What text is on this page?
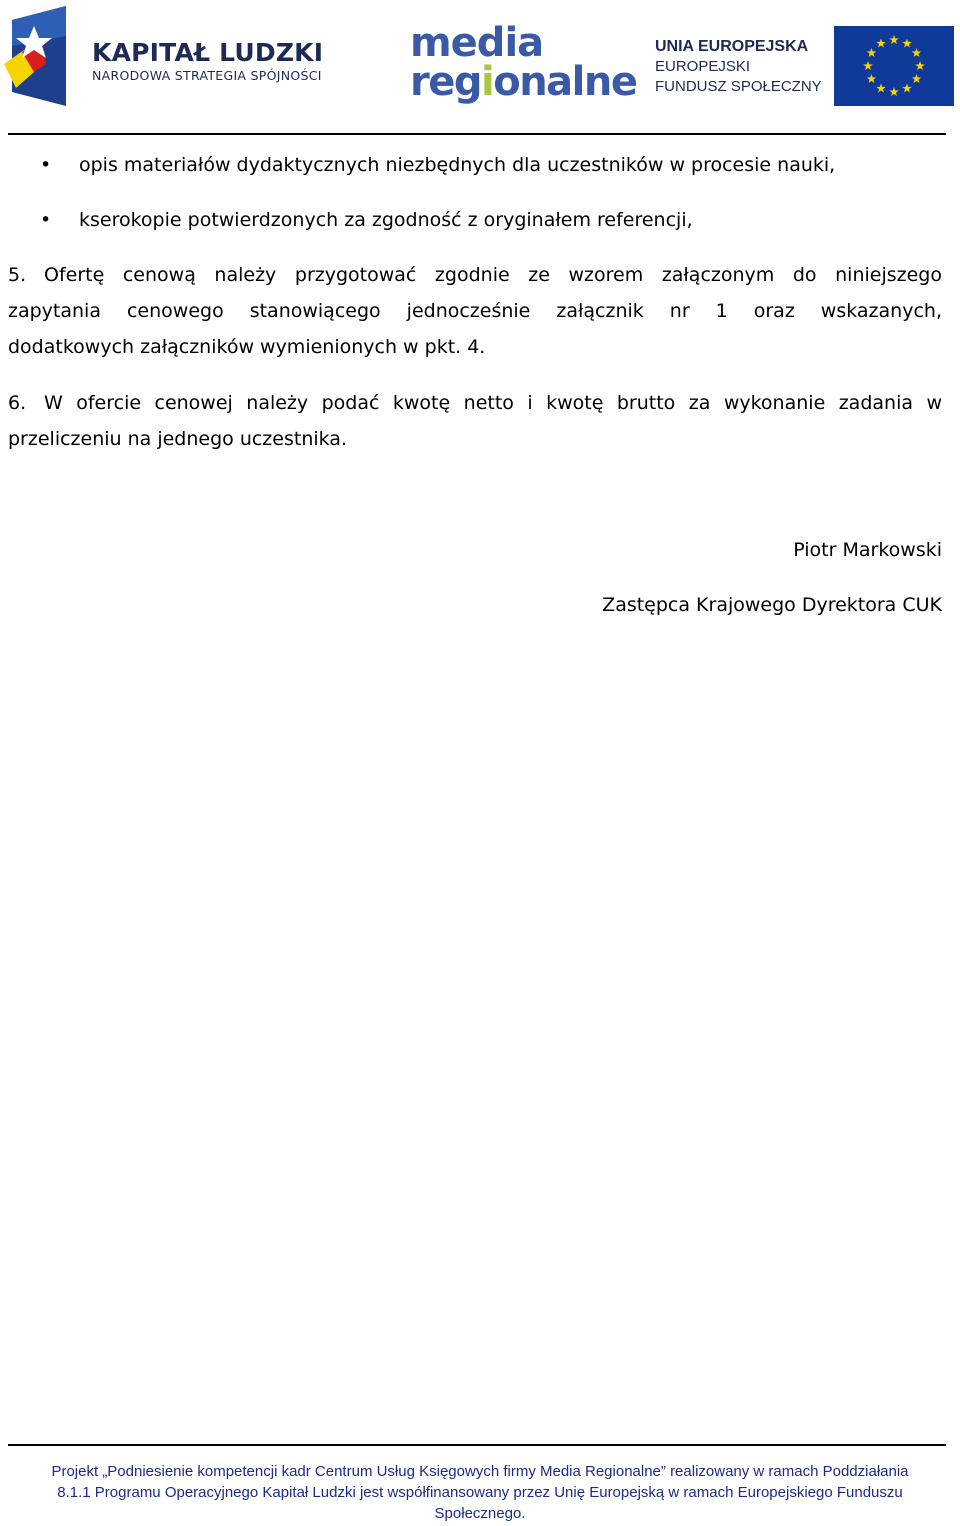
KAPITAŁ LUDZKI
NARODOWA STRATEGIA SPÓJNOŚCI
media
regionalne
UNIA EUROPEJSKA
EUROPEJSKI
FUNDUSZ SPOŁECZNY
•	opis materiałów dydaktycznych niezbędnych dla uczestników w procesie nauki,
•	kserokopie potwierdzonych za zgodność z oryginałem referencji,
5. Ofertę cenową należy przygotować zgodnie ze wzorem załączonym do niniejszego
zapytania cenowego stanowiącego jednocześnie załącznik nr 1 oraz wskazanych,
dodatkowych załączników wymienionych w pkt. 4.
6. W ofercie cenowej należy podać kwotę netto i kwotę brutto za wykonanie zadania w
przeliczeniu na jednego uczestnika.
Piotr Markowski
Zastępca Krajowego Dyrektora CUK
Projekt „Podniesienie kompetencji kadr Centrum Usług Księgowych firmy Media Regionalne” realizowany w ramach Poddziałania
8.1.1 Programu Operacyjnego Kapitał Ludzki jest współfinansowany przez Unię Europejską w ramach Europejskiego Funduszu
Społecznego.
